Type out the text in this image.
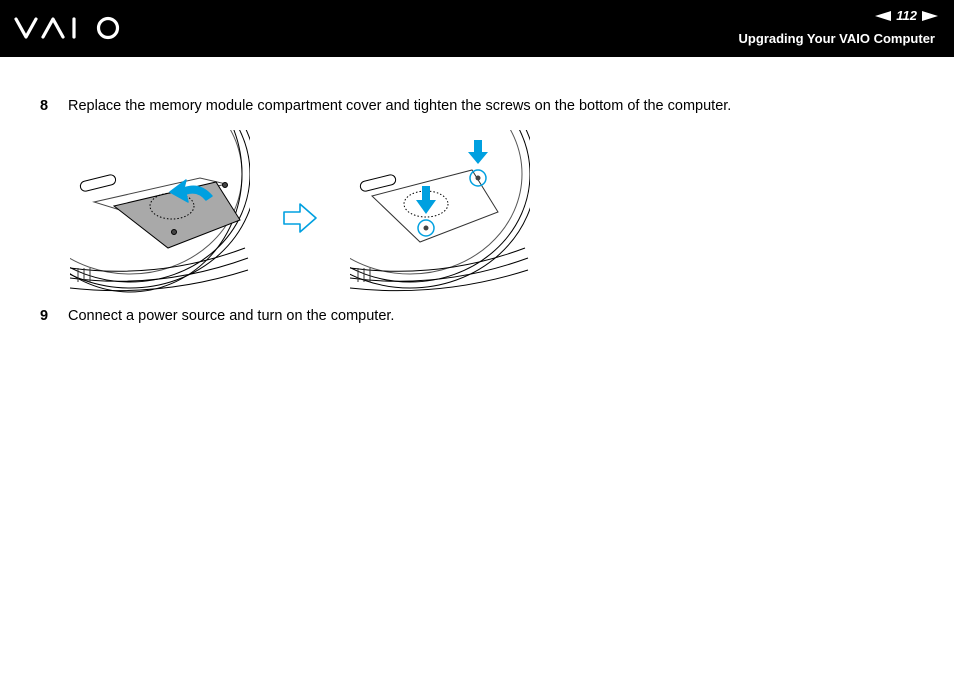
112
Upgrading Your VAIO Computer
8	Replace the memory module compartment cover and tighten the screws on the bottom of the computer.
9	Connect a power source and turn on the computer.
